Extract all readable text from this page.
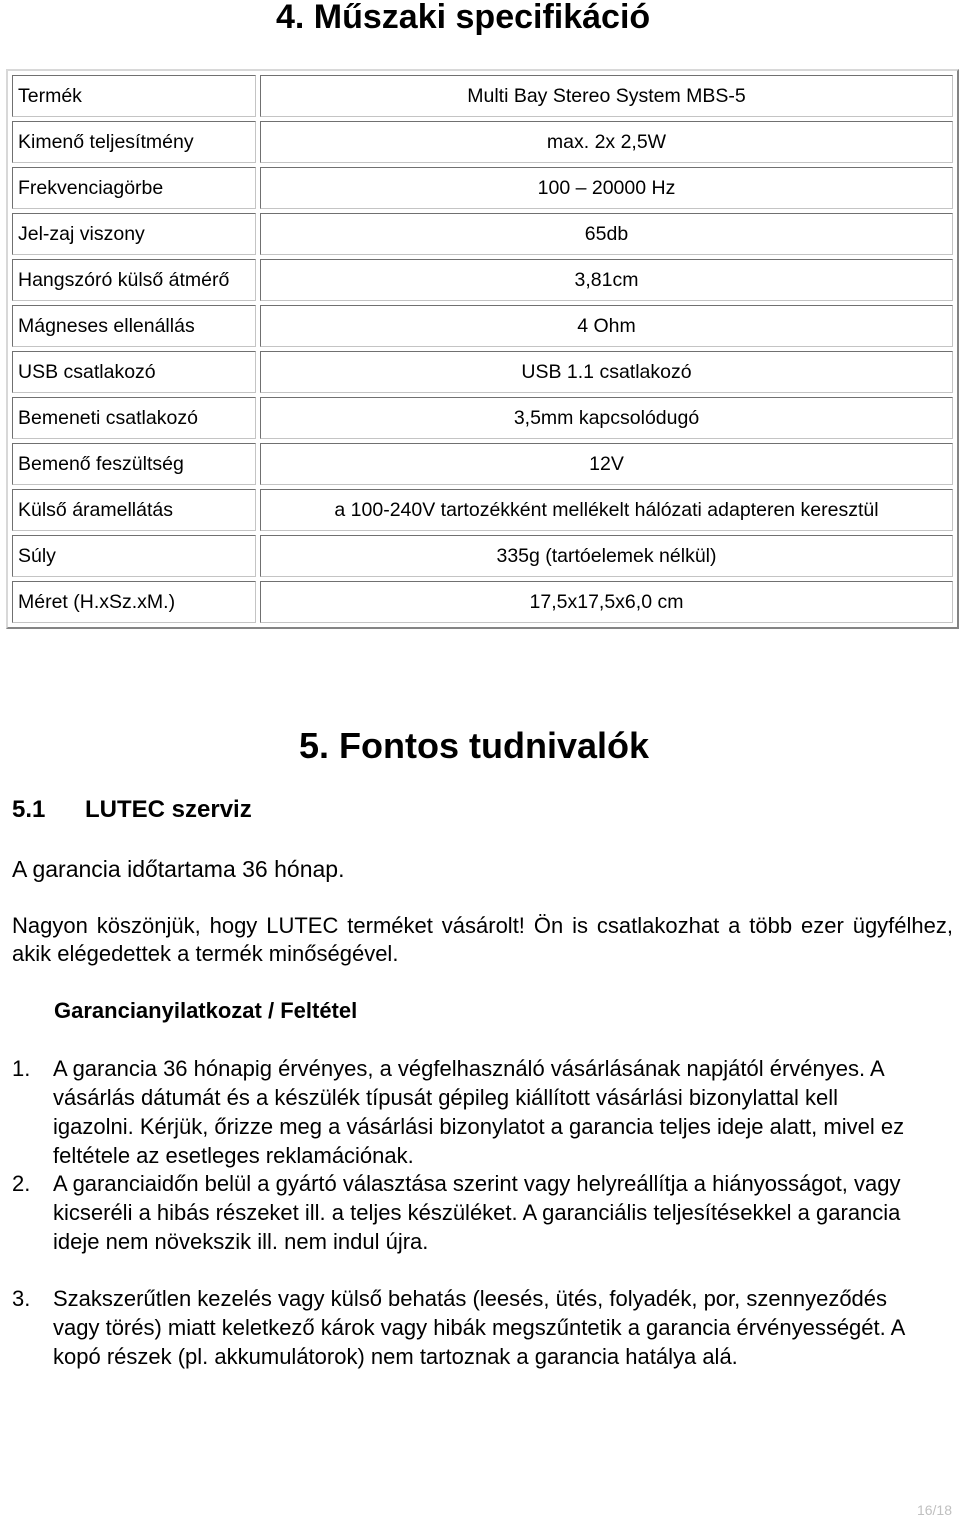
4. Műszaki specifikáció
Termék	Multi Bay Stereo System MBS-5
Kimenő teljesítmény	max. 2x 2,5W
Frekvenciagörbe	100 – 20000 Hz
Jel-zaj viszony	65db
Hangszóró külső átmérő	3,81cm
Mágneses ellenállás	4 Ohm
USB csatlakozó	USB 1.1 csatlakozó
Bemeneti csatlakozó	3,5mm kapcsolódugó
Bemenő feszültség	12V
Külső áramellátás	a 100-240V tartozékként mellékelt hálózati adapteren keresztül
Súly	335g (tartóelemek nélkül)
Méret (H.xSz.xM.)	17,5x17,5x6,0 cm
5. Fontos tudnivalók
5.1 LUTEC szerviz

A garancia időtartama 36 hónap.

Nagyon köszönjük, hogy LUTEC terméket vásárolt! Ön is csatlakozhat a több ezer ügyfélhez, akik elégedettek a termék minőségével.

Garancianyilatkozat / Feltétel
1. A garancia 36 hónapig érvényes, a végfelhasználó vásárlásának napjától érvényes. A vásárlás dátumát és a készülék típusát gépileg kiállított vásárlási bizonylattal kell igazolni. Kérjük, őrizze meg a vásárlási bizonylatot a garancia teljes ideje alatt, mivel ez feltétele az esetleges reklamációnak.
2. A garanciaidőn belül a gyártó választása szerint vagy helyreállítja a hiányosságot, vagy kicseréli a hibás részeket ill. a teljes készüléket. A garanciális teljesítésekkel a garancia ideje nem növekszik ill. nem indul újra.
3. Szakszerűtlen kezelés vagy külső behatás (leesés, ütés, folyadék, por, szennyeződés vagy törés) miatt keletkező károk vagy hibák megszűntetik a garancia érvényességét. A kopó részek (pl. akkumulátorok) nem tartoznak a garancia hatálya alá.
16/18
